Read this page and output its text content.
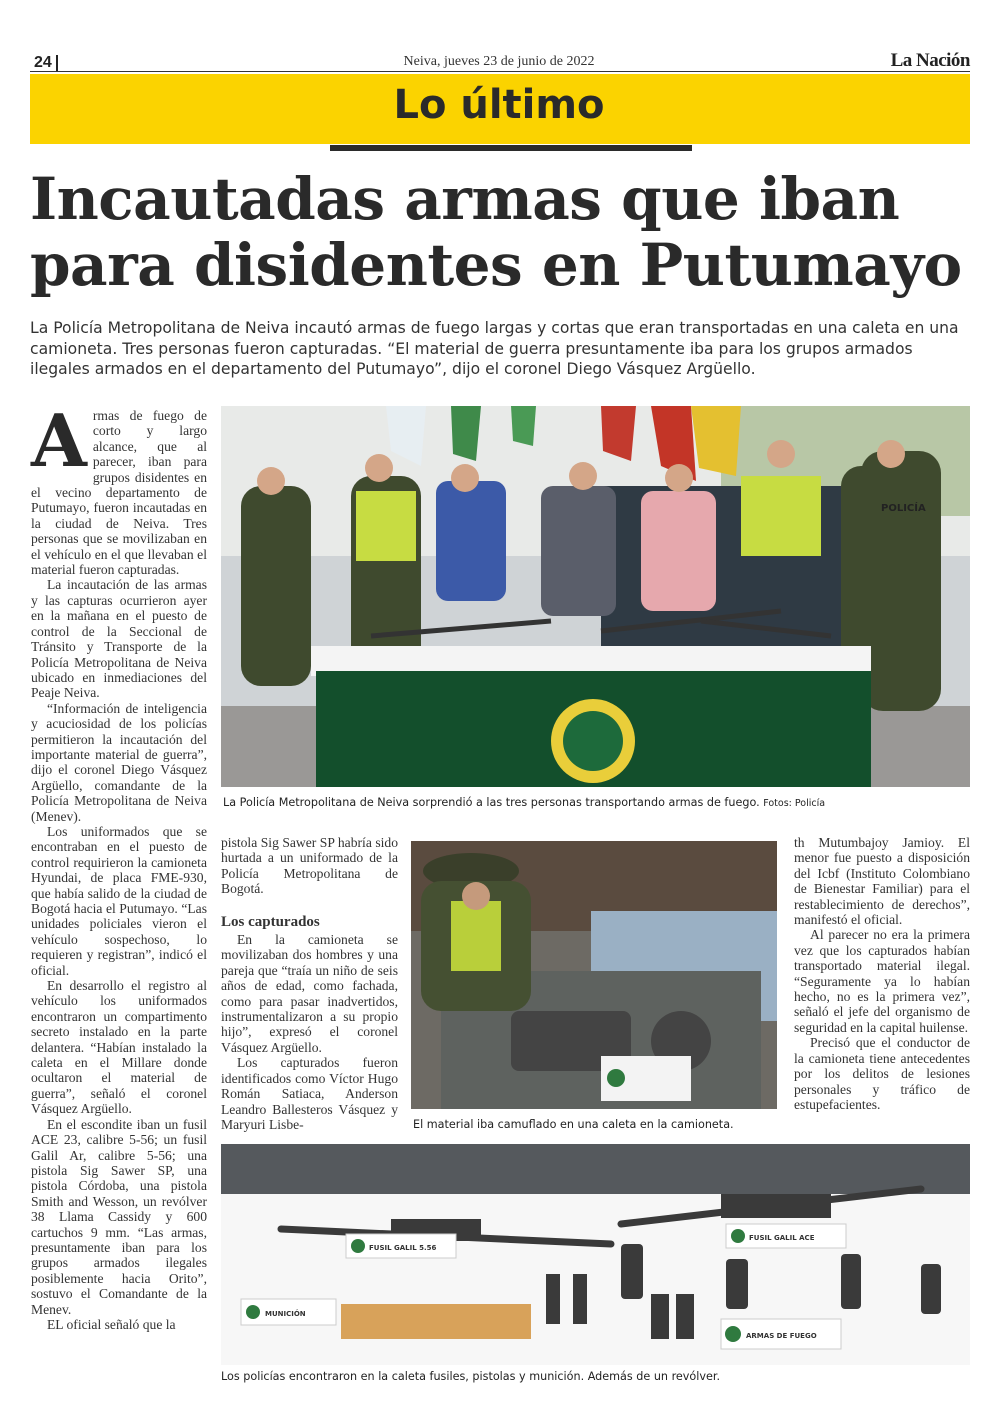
24	Neiva, jueves 23 de junio de 2022	La Nación
Lo último
Incautadas armas que iban para disidentes en Putumayo

La Policía Metropolitana de Neiva incautó armas de fuego largas y cortas que eran transportadas en una caleta en una camioneta. Tres personas fueron capturadas. “El material de guerra presuntamente iba para los grupos armados ilegales armados en el departamento del Putumayo”, dijo el coronel Diego Vásquez Argüello.

A rmas de fuego de corto y largo alcance, que al parecer, iban para grupos disidentes en el vecino departamento de Putumayo, fueron incautadas en la ciudad de Neiva. Tres personas que se movilizaban en el vehículo en el que llevaban el material fueron capturadas.

La incautación de las armas y las capturas ocurrieron ayer en la mañana en el puesto de control de la Seccional de Tránsito y Transporte de la Policía Metropolitana de Neiva ubicado en inmediaciones del Peaje Neiva.

“Información de inteligencia y acuciosidad de los policías permitieron la incautación del importante material de guerra”, dijo el coronel Diego Vásquez Argüello, comandante de la Policía Metropolitana de Neiva (Menev).

Los uniformados que se encontraban en el puesto de control requirieron la camioneta Hyundai, de placa FME-930, que había salido de la ciudad de Bogotá hacia el Putumayo. “Las unidades policiales vieron el vehículo sospechoso, lo requieren y registran”, indicó el oficial.

En desarrollo el registro al vehículo los uniformados encontraron un compartimento secreto instalado en la parte delantera. “Habían instalado la caleta en el Millare donde ocultaron el material de guerra”, señaló el coronel Vásquez Argüello.

En el escondite iban un fusil ACE 23, calibre 5-56; un fusil Galil Ar, calibre 5-56; una pistola Sig Sawer SP, una pistola Córdoba, una pistola Smith and Wesson, un revólver 38 Llama Cassidy y 600 cartuchos 9 mm. “Las armas, presuntamente iban para los grupos armados ilegales posiblemente hacia Orito”, sostuvo el Comandante de la Menev.

EL oficial señaló que la

POLICÍA
La Policía Metropolitana de Neiva sorprendió a las tres personas transportando armas de fuego. Fotos: Policía

pistola Sig Sawer SP habría sido hurtada a un uniformado de la Policía Metropolitana de Bogotá.

Los capturados

En la camioneta se movilizaban dos hombres y una pareja que “traía un niño de seis años de edad, como fachada, como para pasar inadvertidos, instrumentalizaron a su propio hijo”, expresó el coronel Vásquez Argüello.

Los capturados fueron identificados como Víctor Hugo Román Satiaca, Anderson Leandro Ballesteros Vásquez y Maryuri Lisbe-	El material iba camuflado en una caleta en la camioneta.

th Mutumbajoy Jamioy. El menor fue puesto a disposición del Icbf (Instituto Colombiano de Bienestar Familiar) para el restablecimiento de derechos”, manifestó el oficial.

Al parecer no era la primera vez que los capturados habían transportado material ilegal. “Seguramente ya lo habían hecho, no es la primera vez”, señaló el jefe del organismo de seguridad en la capital huilense.

Precisó que el conductor de la camioneta tiene antecedentes por los delitos de lesiones personales y tráfico de estupefacientes.

FUSIL GALIL 5.56
FUSIL GALIL ACE
MUNICIÓN
ARMAS DE FUEGO
Los policías encontraron en la caleta fusiles, pistolas y munición. Además de un revólver.
